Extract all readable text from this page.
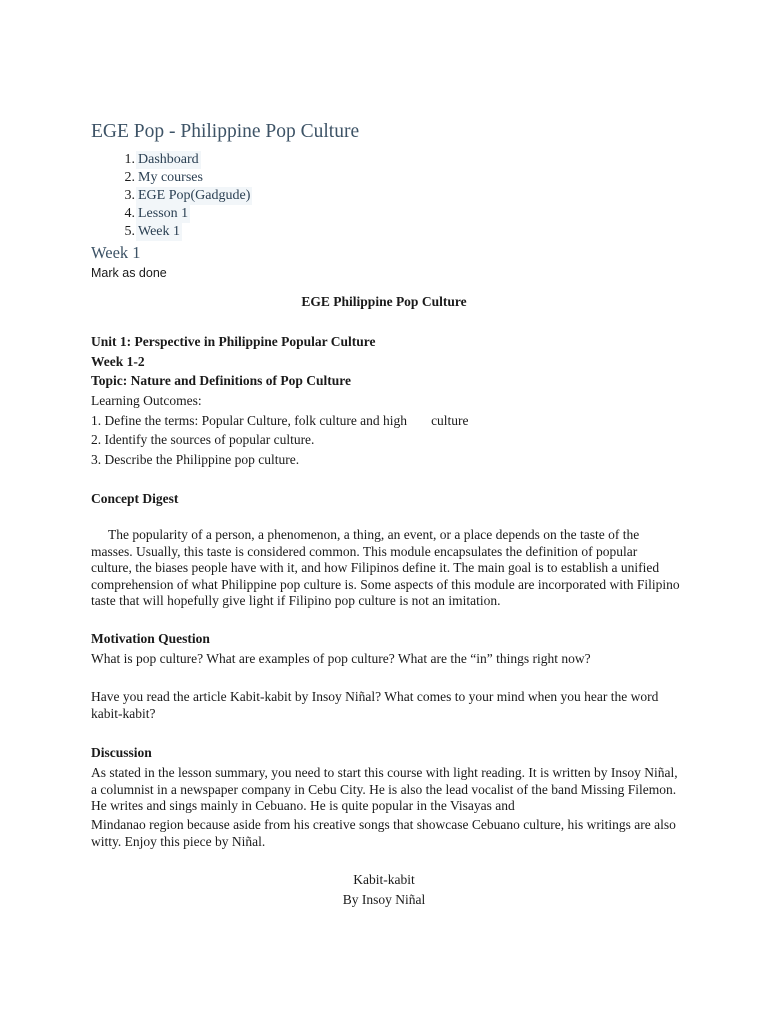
EGE Pop - Philippine Pop Culture
1. Dashboard
2. My courses
3. EGE Pop(Gadgude)
4. Lesson 1
5. Week 1
Week 1
Mark as done
EGE Philippine Pop Culture
Unit 1: Perspective in Philippine Popular Culture
Week 1-2
Topic: Nature and Definitions of Pop Culture
Learning Outcomes:
1. Define the terms: Popular Culture, folk culture and high culture
2. Identify the sources of popular culture.
3. Describe the Philippine pop culture.
Concept Digest

The popularity of a person, a phenomenon, a thing, an event, or a place depends on the taste of the masses. Usually, this taste is considered common. This module encapsulates the definition of popular culture, the biases people have with it, and how Filipinos define it. The main goal is to establish a unified comprehension of what Philippine pop culture is. Some aspects of this module are incorporated with Filipino taste that will hopefully give light if Filipino pop culture is not an imitation.

Motivation Question
What is pop culture? What are examples of pop culture? What are the “in” things right now?

Have you read the article Kabit-kabit by Insoy Niñal? What comes to your mind when you hear the word kabit-kabit?

Discussion

As stated in the lesson summary, you need to start this course with light reading. It is written by Insoy Niñal, a columnist in a newspaper company in Cebu City. He is also the lead vocalist of the band Missing Filemon. He writes and sings mainly in Cebuano. He is quite popular in the Visayas and

Mindanao region because aside from his creative songs that showcase Cebuano culture, his writings are also witty. Enjoy this piece by Niñal.

Kabit-kabit
By Insoy Niñal
